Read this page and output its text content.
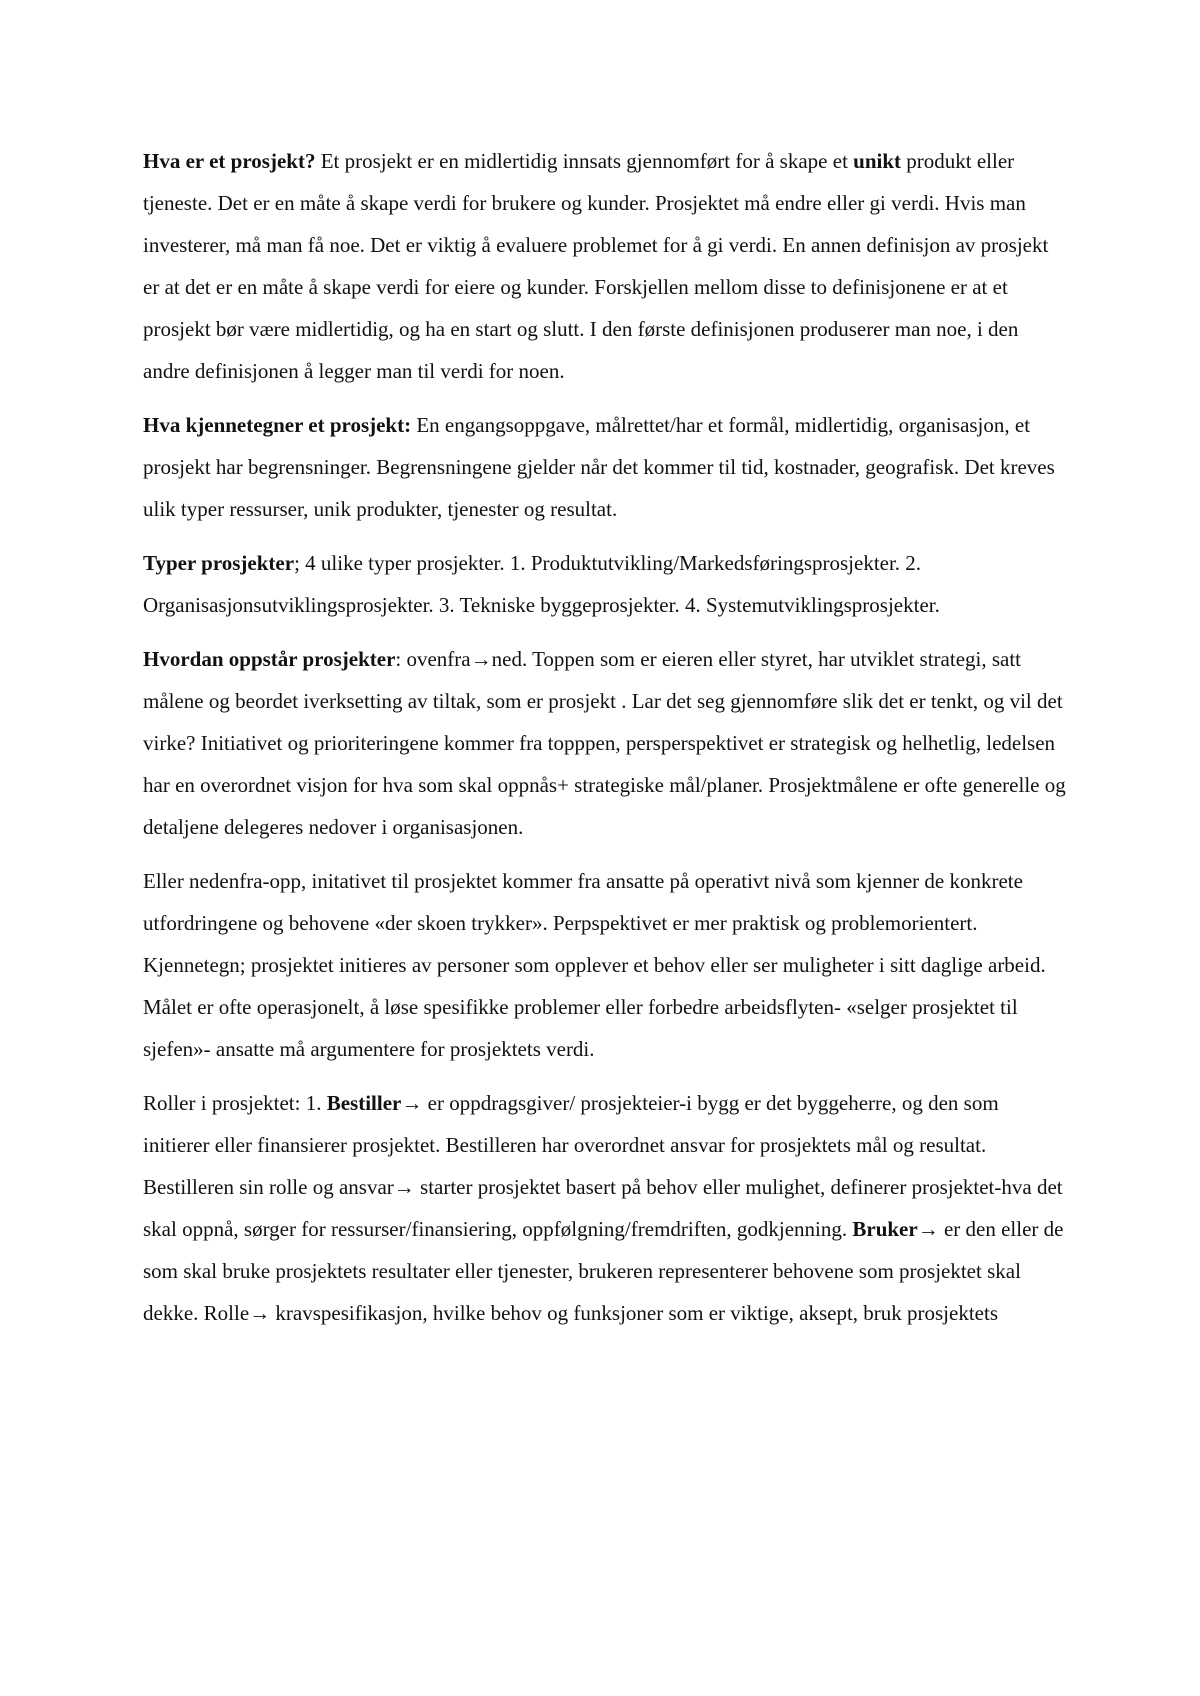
Hva er et prosjekt? Et prosjekt er en midlertidig innsats gjennomført for å skape et unikt produkt eller tjeneste. Det er en måte å skape verdi for brukere og kunder. Prosjektet må endre eller gi verdi. Hvis man investerer, må man få noe. Det er viktig å evaluere problemet for å gi verdi. En annen definisjon av prosjekt er at det er en måte å skape verdi for eiere og kunder. Forskjellen mellom disse to definisjonene er at et prosjekt bør være midlertidig, og ha en start og slutt. I den første definisjonen produserer man noe, i den andre definisjonen å legger man til verdi for noen.

Hva kjennetegner et prosjekt: En engangsoppgave, målrettet/har et formål, midlertidig, organisasjon, et prosjekt har begrensninger. Begrensningene gjelder når det kommer til tid, kostnader, geografisk. Det kreves ulik typer ressurser, unik produkter, tjenester og resultat.

Typer prosjekter; 4 ulike typer prosjekter. 1. Produktutvikling/Markedsføringsprosjekter. 2. Organisasjonsutviklingsprosjekter. 3. Tekniske byggeprosjekter. 4. Systemutviklingsprosjekter.

Hvordan oppstår prosjekter: ovenfra→ned. Toppen som er eieren eller styret, har utviklet strategi, satt målene og beordet iverksetting av tiltak, som er prosjekt . Lar det seg gjennomføre slik det er tenkt, og vil det virke? Initiativet og prioriteringene kommer fra topppen, persperspektivet er strategisk og helhetlig, ledelsen har en overordnet visjon for hva som skal oppnås+ strategiske mål/planer. Prosjektmålene er ofte generelle og detaljene delegeres nedover i organisasjonen.

Eller nedenfra-opp, initativet til prosjektet kommer fra ansatte på operativt nivå som kjenner de konkrete utfordringene og behovene «der skoen trykker». Perpspektivet er mer praktisk og problemorientert. Kjennetegn; prosjektet initieres av personer som opplever et behov eller ser muligheter i sitt daglige arbeid. Målet er ofte operasjonelt, å løse spesifikke problemer eller forbedre arbeidsflyten- «selger prosjektet til sjefen»- ansatte må argumentere for prosjektets verdi.

Roller i prosjektet: 1. Bestiller→ er oppdragsgiver/ prosjekteier-i bygg er det byggeherre, og den som initierer eller finansierer prosjektet. Bestilleren har overordnet ansvar for prosjektets mål og resultat. Bestilleren sin rolle og ansvar→ starter prosjektet basert på behov eller mulighet, definerer prosjektet-hva det skal oppnå, sørger for ressurser/finansiering, oppfølgning/fremdriften, godkjenning. Bruker→ er den eller de som skal bruke prosjektets resultater eller tjenester, brukeren representerer behovene som prosjektet skal dekke. Rolle→ kravspesifikasjon, hvilke behov og funksjoner som er viktige, aksept, bruk prosjektets
